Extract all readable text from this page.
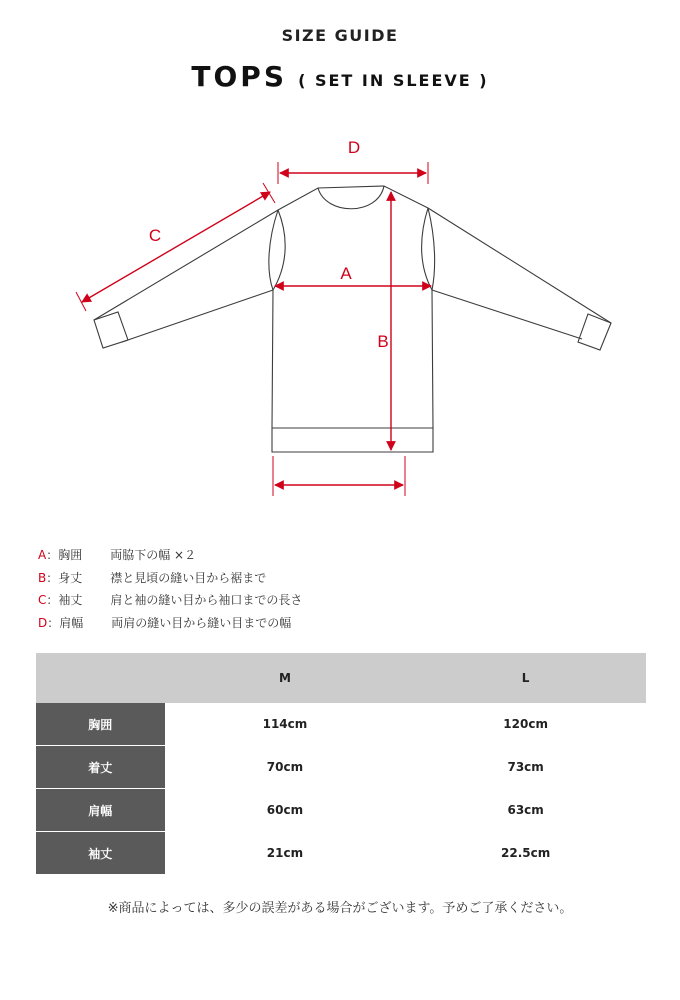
SIZE GUIDE
TOPS ( SET IN SLEEVE )
D
C
A
B
A：胸囲 両脇下の幅 ×２
B：身丈 襟と見頃の縫い目から裾まで
C：袖丈 肩と袖の縫い目から袖口までの長さ
D：肩幅 両肩の縫い目から縫い目までの幅
	M	L
胸囲	114cm	120cm
着丈	70cm	73cm
肩幅	60cm	63cm
袖丈	21cm	22.5cm
※商品によっては、多少の誤差がある場合がございます。予めご了承ください。
